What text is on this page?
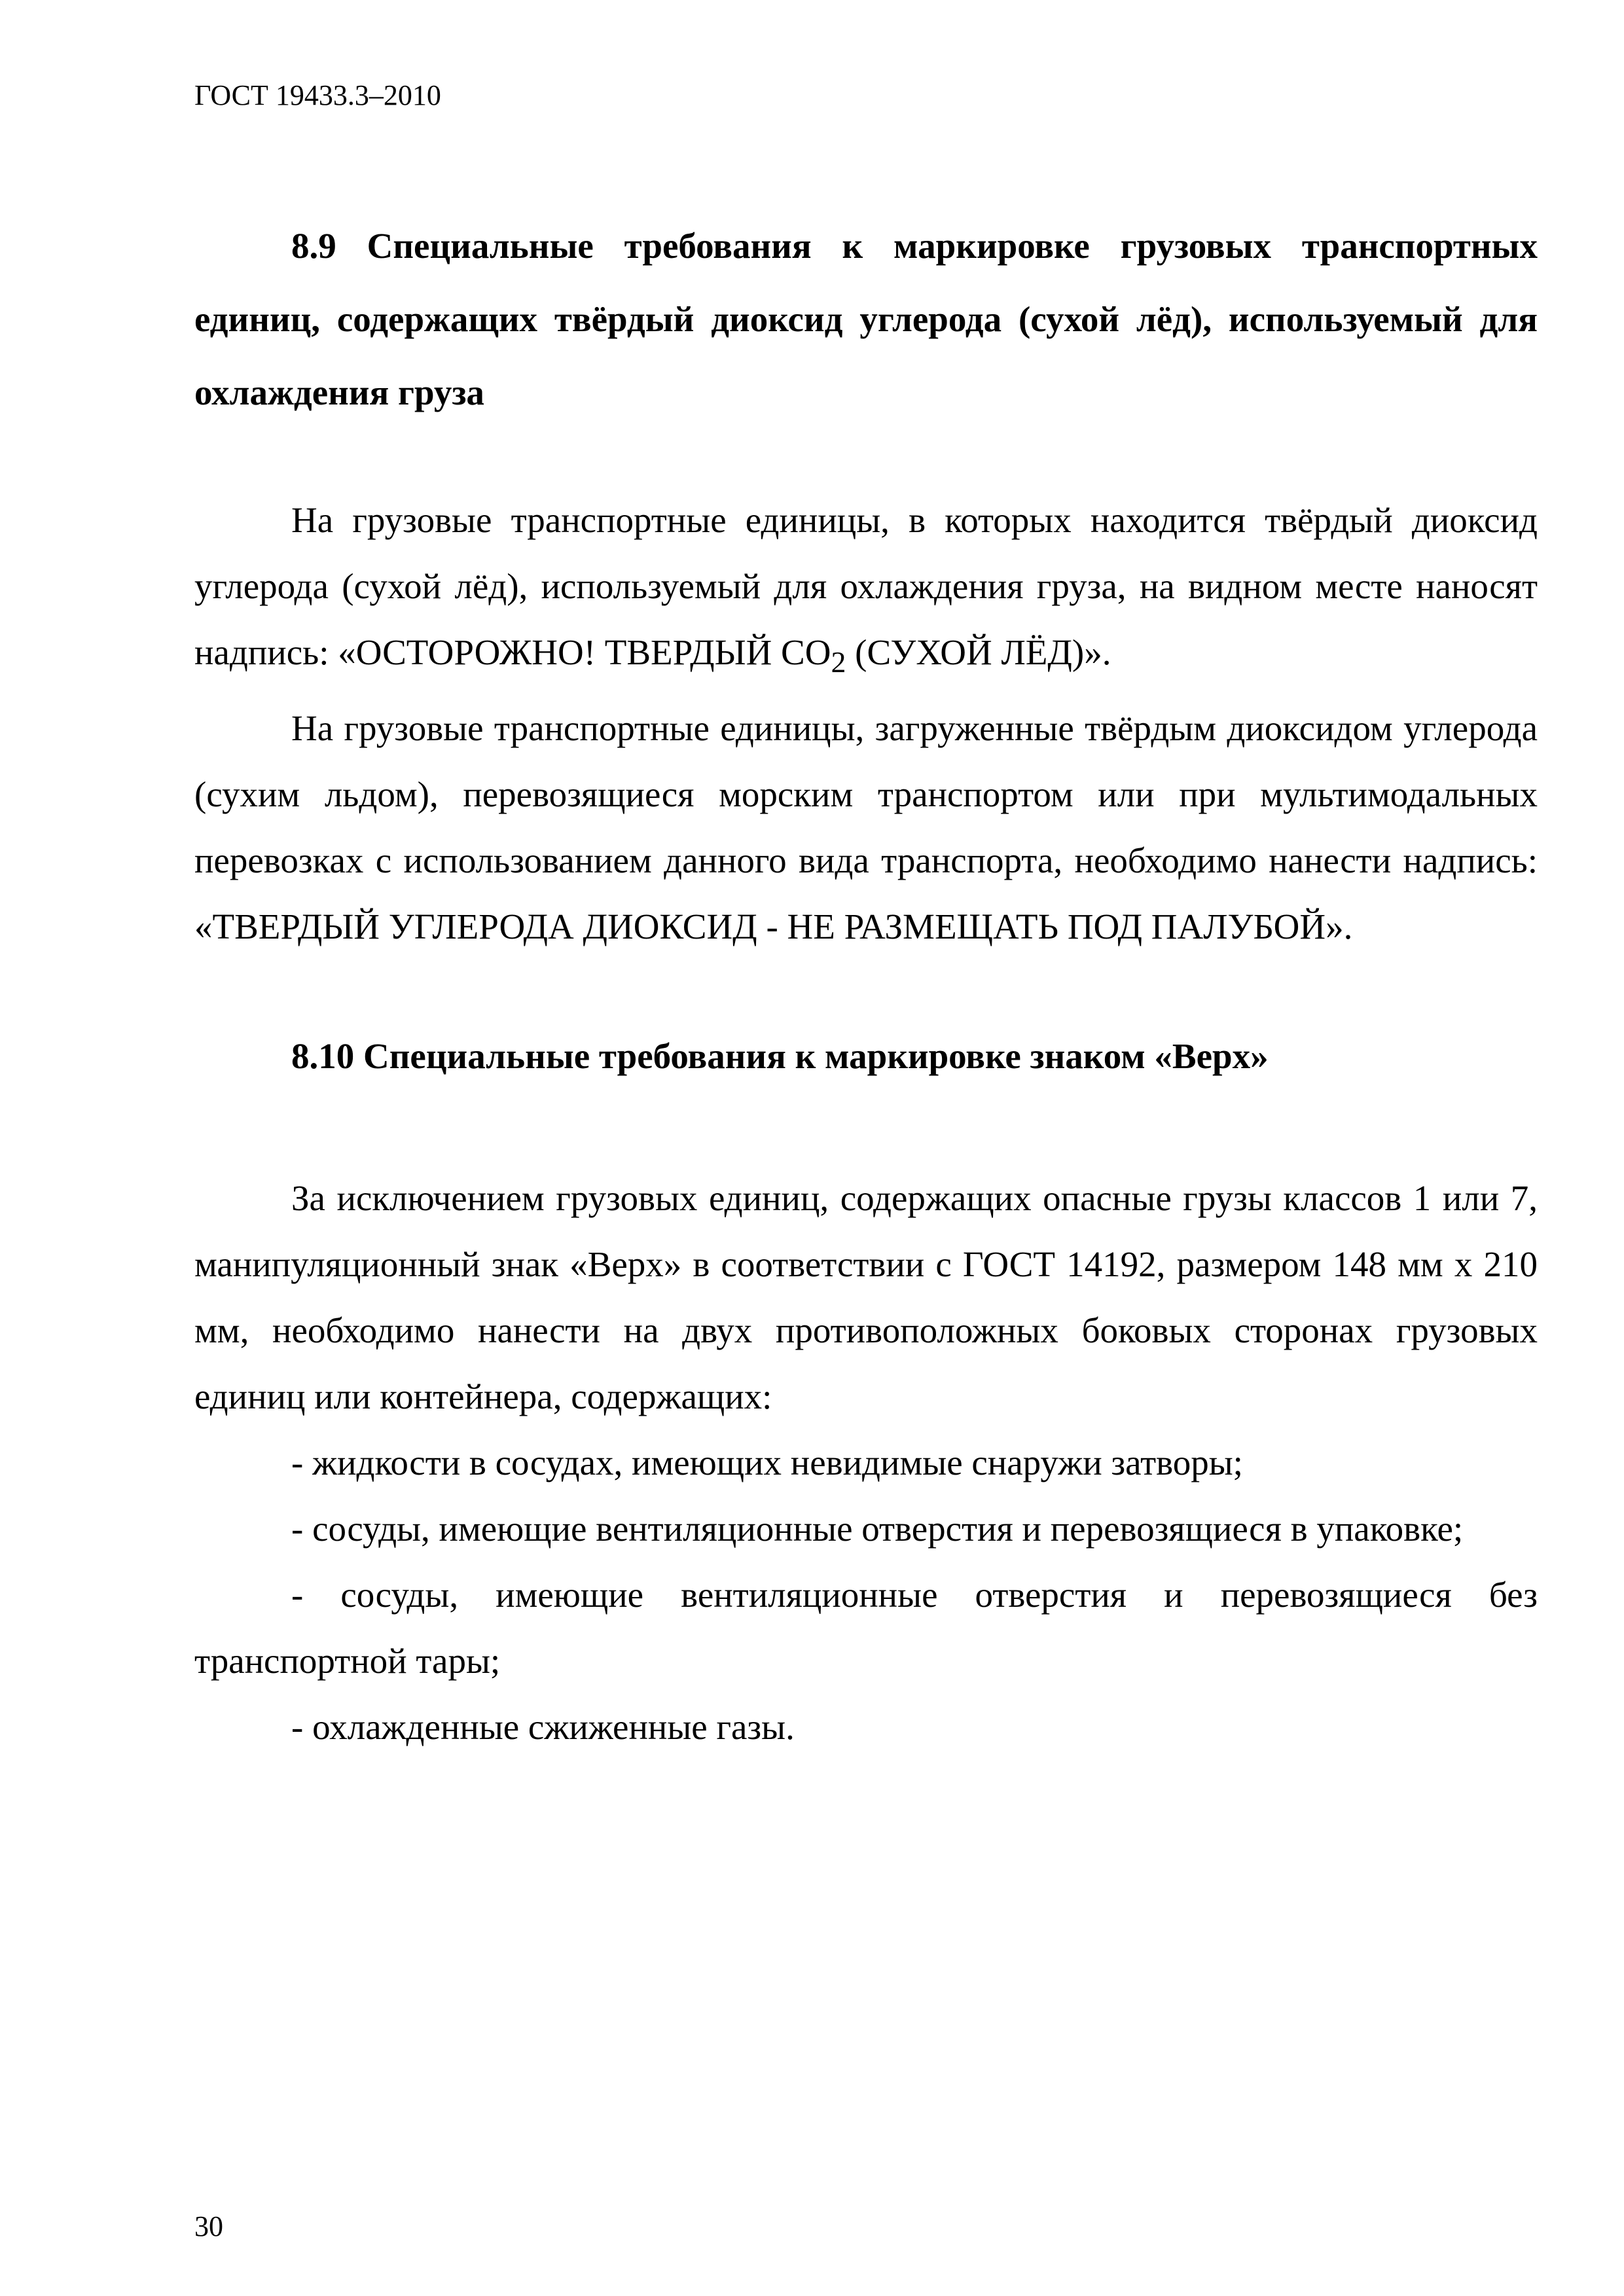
ГОСТ 19433.3–2010
8.9 Специальные требования к маркировке грузовых транспортных единиц, содержащих твёрдый диоксид углерода (сухой лёд), используемый для охлаждения груза

На грузовые транспортные единицы, в которых находится твёрдый диоксид углерода (сухой лёд), используемый для охлаждения груза, на видном месте наносят надпись: «ОСТОРОЖНО! ТВЕРДЫЙ $CO_2$ (СУХОЙ ЛЁД)».

На грузовые транспортные единицы, загруженные твёрдым диоксидом углерода (сухим льдом), перевозящиеся морским транспортом или при мультимодальных перевозках с использованием данного вида транспорта, необходимо нанести надпись: «ТВЕРДЫЙ УГЛЕРОДА ДИОКСИД - НЕ РАЗМЕЩАТЬ ПОД ПАЛУБОЙ».

8.10 Специальные требования к маркировке знаком «Верх»

За исключением грузовых единиц, содержащих опасные грузы классов 1 или 7, манипуляционный знак «Верх» в соответствии с ГОСТ 14192, размером 148 мм x 210 мм, необходимо нанести на двух противоположных боковых сторонах грузовых единиц или контейнера, содержащих:

- жидкости в сосудах, имеющих невидимые снаружи затворы;

- сосуды, имеющие вентиляционные отверстия и перевозящиеся в упаковке;

- сосуды, имеющие вентиляционные отверстия и перевозящиеся без транспортной тары;

- охлажденные сжиженные газы.

30
